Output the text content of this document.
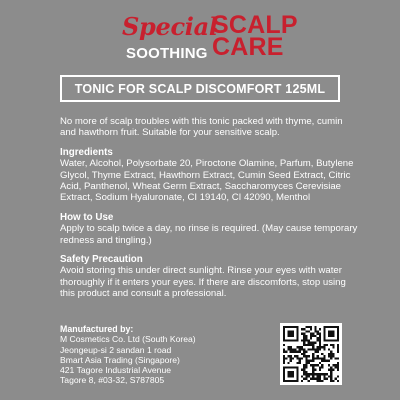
Special
SCALP
CARE
SOOTHING
TONIC FOR SCALP DISCOMFORT 125ML
No more of scalp troubles with this tonic packed with thyme, cumin and hawthorn fruit. Suitable for your sensitive scalp.
Ingredients
Water, Alcohol, Polysorbate 20, Piroctone Olamine, Parfum, Butylene Glycol, Thyme Extract, Hawthorn Extract, Cumin Seed Extract, Citric Acid, Panthenol, Wheat Germ Extract, Saccharomyces Cerevisiae Extract, Sodium Hyaluronate, CI 19140, CI 42090, Menthol
How to Use
Apply to scalp twice a day, no rinse is required. (May cause temporary redness and tingling.)
Safety Precaution
Avoid storing this under direct sunlight. Rinse your eyes with water thoroughly if it enters your eyes. If there are discomforts, stop using this product and consult a professional.
Manufactured by:
M Cosmetics Co. Ltd (South Korea)
Jeongeup-si 2 sandan 1 road
Bmart Asia Trading (Singapore)
421 Tagore Industrial Avenue
Tagore 8, #03-32, S787805
